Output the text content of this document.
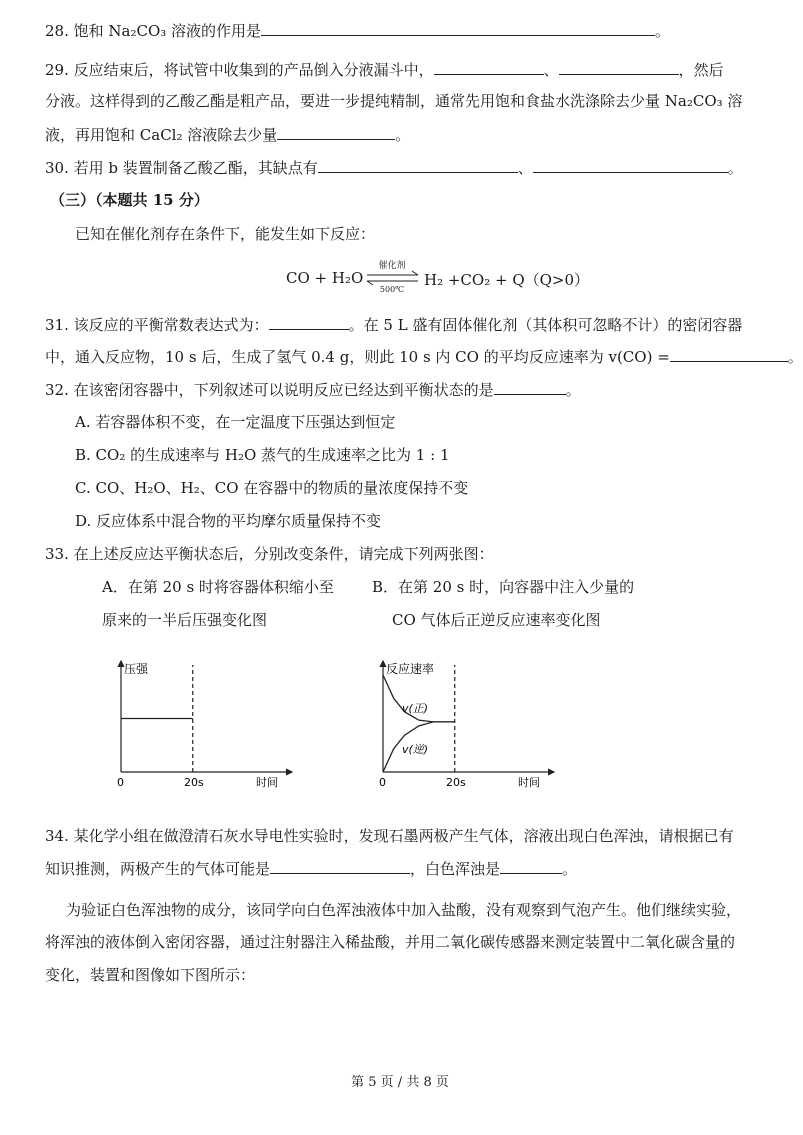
28. 饱和 Na₂CO₃ 溶液的作用是	。
29. 反应结束后，将试管中收集到的产品倒入分液漏斗中，	、	，然后
分液。这样得到的乙酸乙酯是粗产品，要进一步提纯精制，通常先用饱和食盐水洗涤除去少量 Na₂CO₃ 溶
液，再用饱和 CaCl₂ 溶液除去少量	。
30. 若用 b 装置制备乙酸乙酯，其缺点有	、	。
（三）（本题共 15 分）
已知在催化剂存在条件下，能发生如下反应：
CO + H₂O
催化剂
500℃
H₂ +CO₂ + Q（Q>0）
31. 该反应的平衡常数表达式为：	。在 5 L 盛有固体催化剂（其体积可忽略不计）的密闭容器
中，通入反应物，10 s 后，生成了氢气 0.4 g，则此 10 s 内 CO 的平均反应速率为 v(CO) =	。
32. 在该密闭容器中，下列叙述可以说明反应已经达到平衡状态的是	。
A. 若容器体积不变，在一定温度下压强达到恒定
B. CO₂ 的生成速率与 H₂O 蒸气的生成速率之比为 1 : 1
C. CO、H₂O、H₂、CO 在容器中的物质的量浓度保持不变
D. 反应体系中混合物的平均摩尔质量保持不变
33. 在上述反应达平衡状态后，分别改变条件，请完成下列两张图：
A．在第 20 s 时将容器体积缩小至
原来的一半后压强变化图
B．在第 20 s 时，向容器中注入少量的
CO 气体后正逆反应速率变化图
压强
时间
0	20s
反应速率
时间
0	20s
v(正)
v(逆)
34. 某化学小组在做澄清石灰水导电性实验时，发现石墨两极产生气体，溶液出现白色浑浊，请根据已有
知识推测，两极产生的气体可能是	，白色浑浊是	。
为验证白色浑浊物的成分，该同学向白色浑浊液体中加入盐酸，没有观察到气泡产生。他们继续实验，
将浑浊的液体倒入密闭容器，通过注射器注入稀盐酸，并用二氧化碳传感器来测定装置中二氧化碳含量的
变化，装置和图像如下图所示：
第 5 页 / 共 8 页
